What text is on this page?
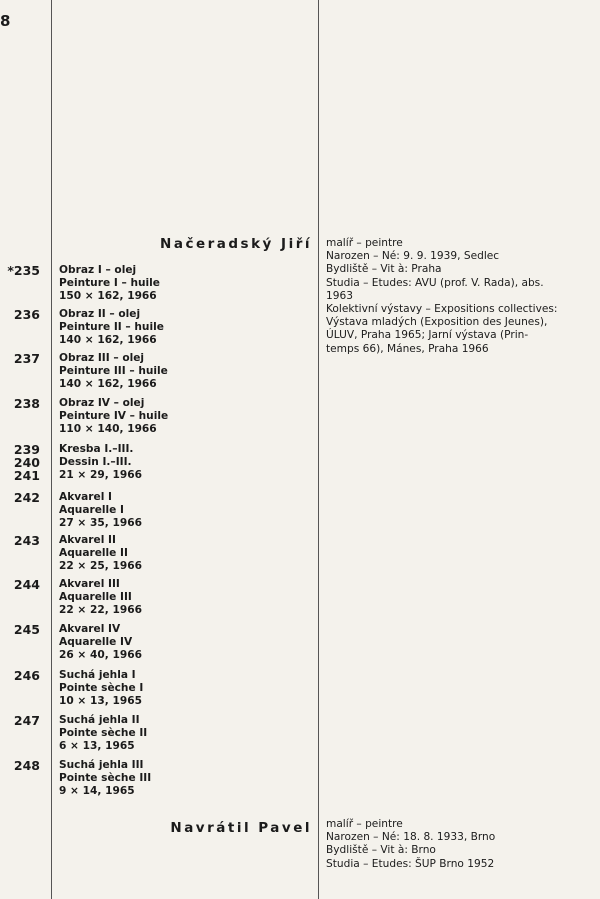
8
Načeradský Jiří malíř – peintre
Narozen – Né: 9. 9. 1939, Sedlec
Bydliště – Vit à: Praha
Studia – Etudes: AVU (prof. V. Rada), abs.
1963
Kolektivní výstavy – Expositions collectives:
Výstava mladých (Exposition des Jeunes),
ÚLUV, Praha 1965; Jarní výstava (Prin-
temps 66), Mánes, Praha 1966
*235 Obraz I – olej
Peinture I – huile
150 × 162, 1966
236 Obraz II – olej
Peinture II – huile
140 × 162, 1966
237 Obraz III – olej
Peinture III – huile
140 × 162, 1966
238 Obraz IV – olej
Peinture IV – huile
110 × 140, 1966
239
240
241
Kresba I.–III.
Dessin I.–III.
21 × 29, 1966
242 Akvarel I
Aquarelle I
27 × 35, 1966
243 Akvarel II
Aquarelle II
22 × 25, 1966
244 Akvarel III
Aquarelle III
22 × 22, 1966
245 Akvarel IV
Aquarelle IV
26 × 40, 1966
246 Suchá jehla I
Pointe sèche I
10 × 13, 1965
247 Suchá jehla II
Pointe sèche II
6 × 13, 1965
248 Suchá jehla III
Pointe sèche III
9 × 14, 1965
Navrátil Pavel malíř – peintre
Narozen – Né: 18. 8. 1933, Brno
Bydliště – Vit à: Brno
Studia – Etudes: ŠUP Brno 1952
